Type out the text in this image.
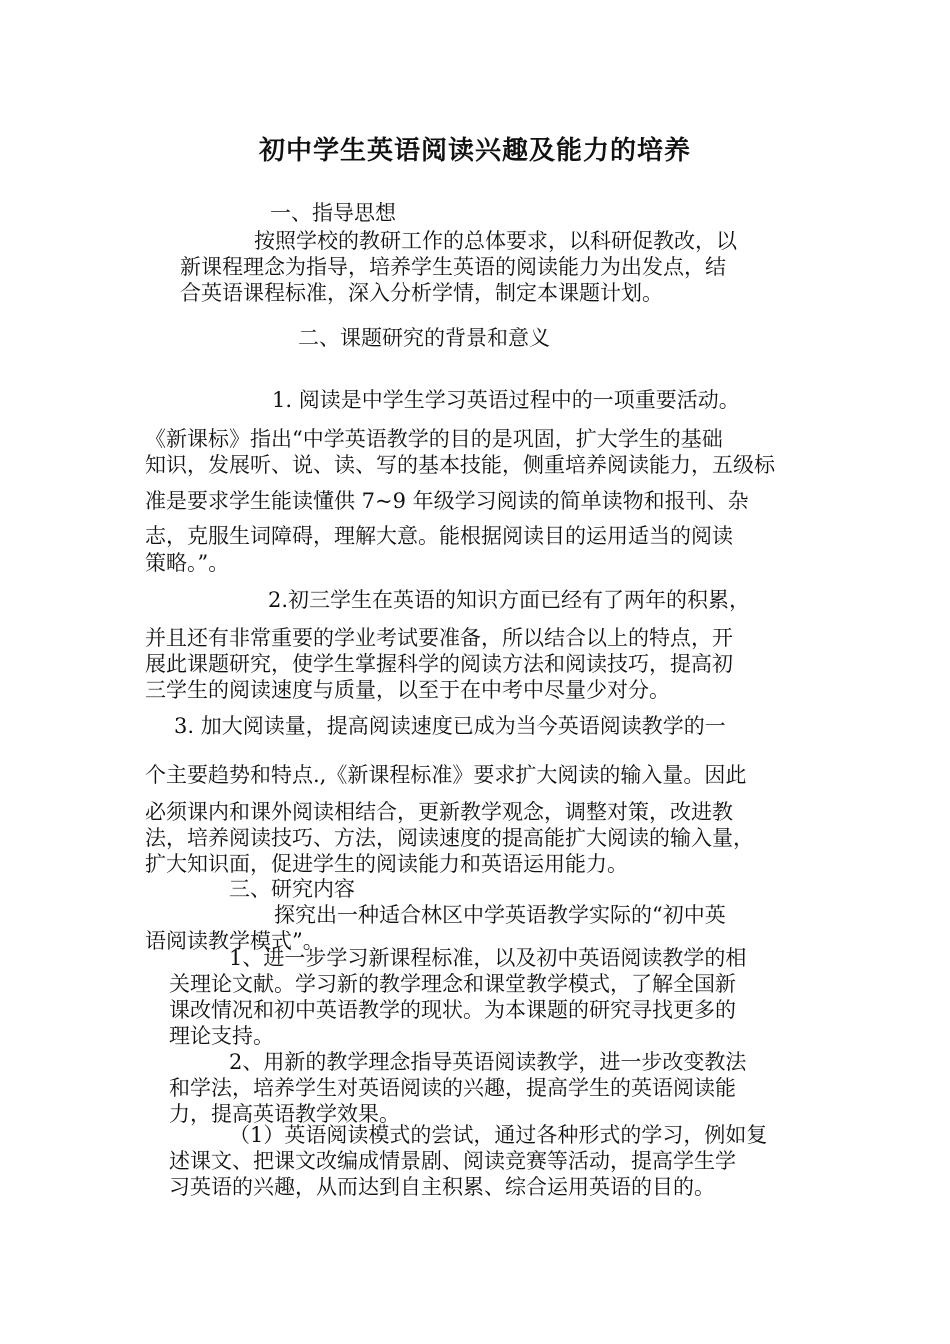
初中学生英语阅读兴趣及能力的培养
一、指导思想
按照学校的教研工作的总体要求，以科研促教改，以
新课程理念为指导，培养学生英语的阅读能力为出发点，结
合英语课程标准，深入分析学情，制定本课题计划。
二、课题研究的背景和意义
1. 阅读是中学生学习英语过程中的一项重要活动。
《新课标》指出“中学英语教学的目的是巩固，扩大学生的基础
知识，发展听、说、读、写的基本技能，侧重培养阅读能力，五级标
准是要求学生能读懂供 7~9 年级学习阅读的简单读物和报刊、杂
志，克服生词障碍，理解大意。能根据阅读目的运用适当的阅读
策略。”。
2.初三学生在英语的知识方面已经有了两年的积累，
并且还有非常重要的学业考试要准备，所以结合以上的特点，开
展此课题研究，使学生掌握科学的阅读方法和阅读技巧，提高初
三学生的阅读速度与质量，以至于在中考中尽量少对分。
3. 加大阅读量，提高阅读速度已成为当今英语阅读教学的一
个主要趋势和特点.,《新课程标准》要求扩大阅读的输入量。因此
必须课内和课外阅读相结合，更新教学观念，调整对策，改进教
法，培养阅读技巧、方法，阅读速度的提高能扩大阅读的输入量，
扩大知识面，促进学生的阅读能力和英语运用能力。
三、研究内容
探究出一种适合林区中学英语教学实际的“初中英
语阅读教学模式”。
1、进一步学习新课程标准，以及初中英语阅读教学的相
关理论文献。学习新的教学理念和课堂教学模式，了解全国新
课改情况和初中英语教学的现状。为本课题的研究寻找更多的
理论支持。
2、用新的教学理念指导英语阅读教学，进一步改变教法
和学法，培养学生对英语阅读的兴趣，提高学生的英语阅读能
力，提高英语教学效果。
（1）英语阅读模式的尝试，通过各种形式的学习，例如复
述课文、把课文改编成情景剧、阅读竞赛等活动，提高学生学
习英语的兴趣，从而达到自主积累、综合运用英语的目的。
